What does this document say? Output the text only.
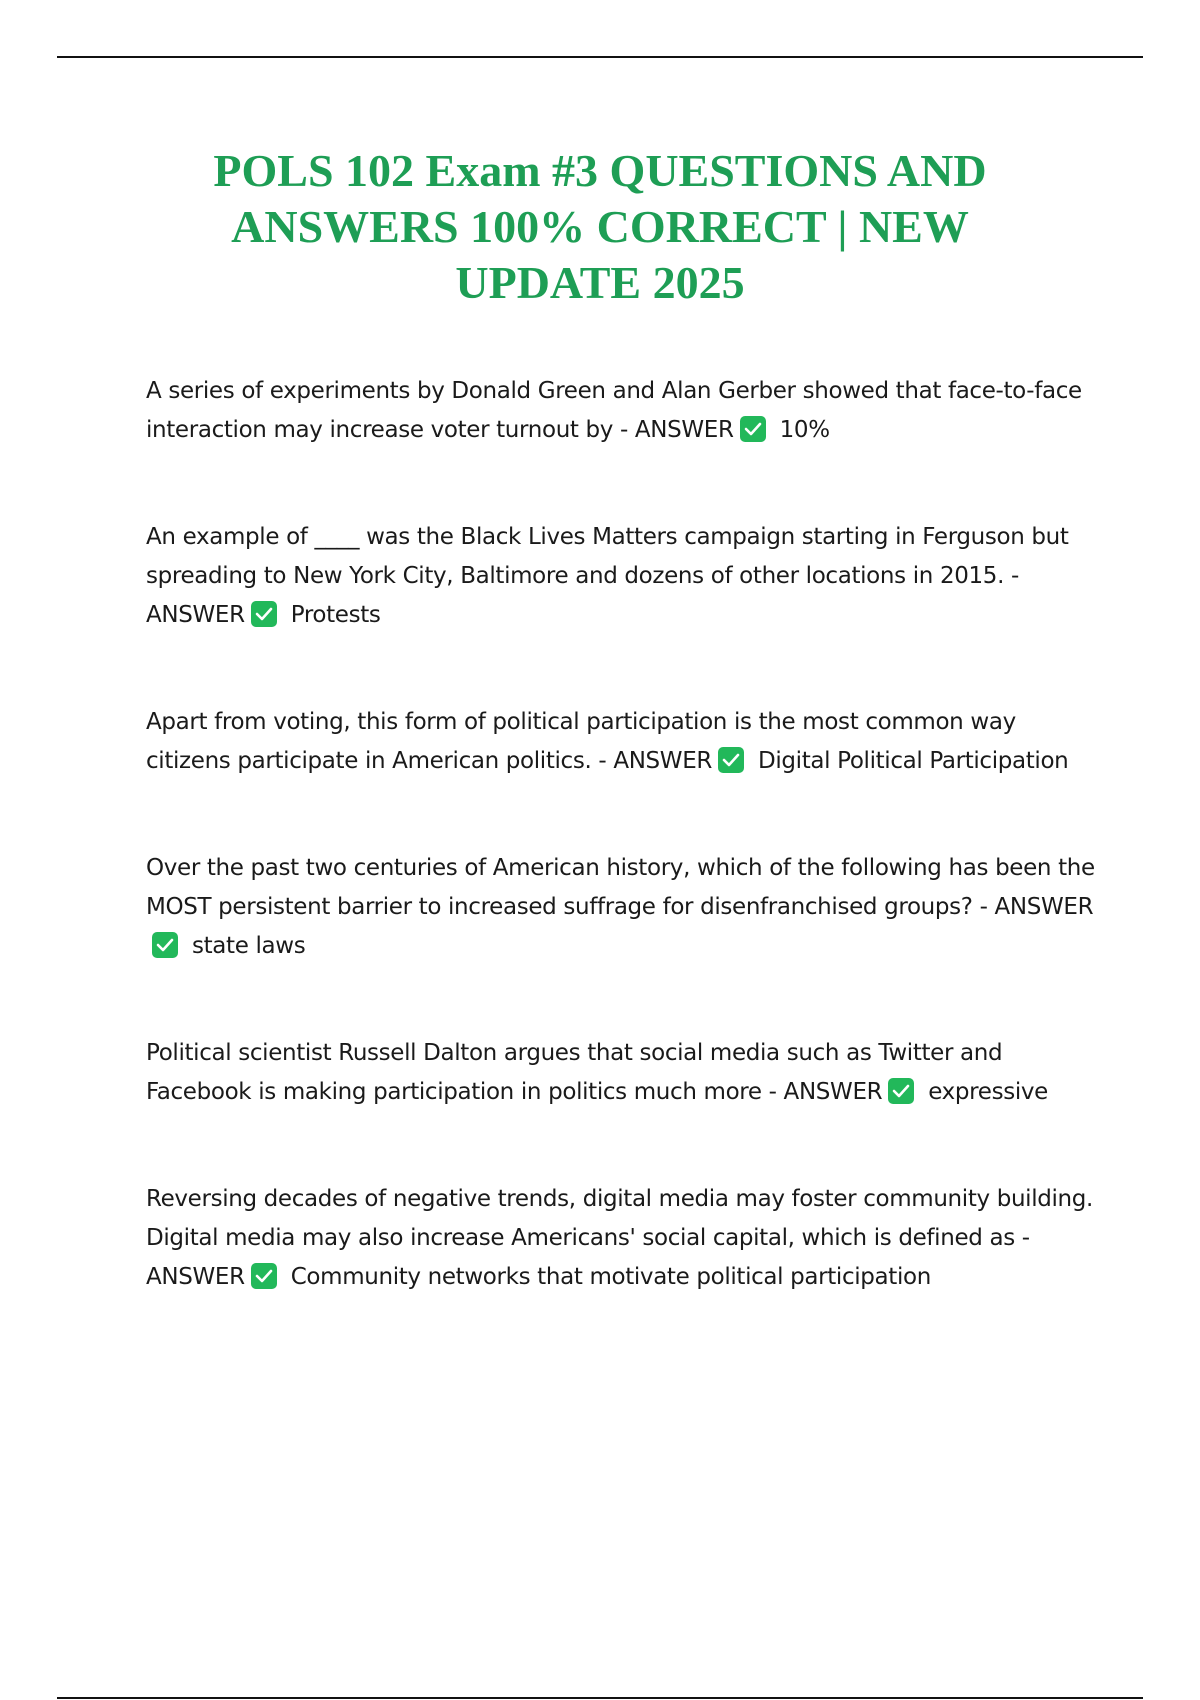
POLS 102 Exam #3 QUESTIONS AND ANSWERS 100% CORRECT | NEW UPDATE 2025

A series of experiments by Donald Green and Alan Gerber showed that face-to-face interaction may increase voter turnout by - ANSWER 10%

An example of ____ was the Black Lives Matters campaign starting in Ferguson but spreading to New York City, Baltimore and dozens of other locations in 2015. - ANSWER Protests

Apart from voting, this form of political participation is the most common way citizens participate in American politics. - ANSWER Digital Political Participation

Over the past two centuries of American history, which of the following has been the MOST persistent barrier to increased suffrage for disenfranchised groups? - ANSWER
state laws

Political scientist Russell Dalton argues that social media such as Twitter and Facebook is making participation in politics much more - ANSWER expressive

Reversing decades of negative trends, digital media may foster community building. Digital media may also increase Americans' social capital, which is defined as - ANSWER Community networks that motivate political participation
